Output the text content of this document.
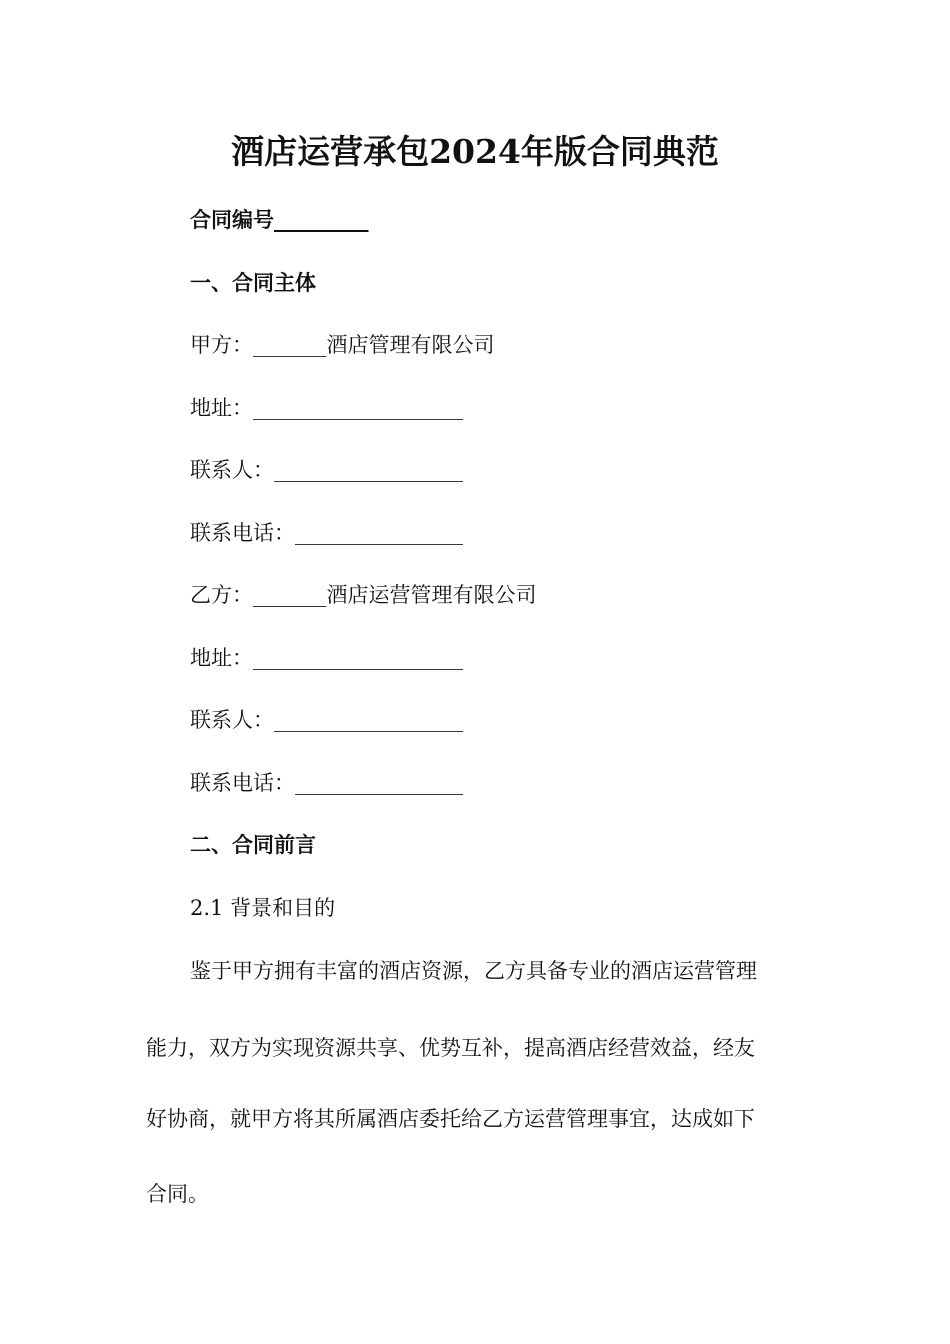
酒店运营承包2024年版合同典范
合同编号_________
一、合同主体
甲方：_______酒店管理有限公司
地址：____________________
联系人：__________________
联系电话：________________
乙方：_______酒店运营管理有限公司
地址：____________________
联系人：__________________
联系电话：________________
二、合同前言
2.1 背景和目的
鉴于甲方拥有丰富的酒店资源，乙方具备专业的酒店运营管理
能力，双方为实现资源共享、优势互补，提高酒店经营效益，经友
好协商，就甲方将其所属酒店委托给乙方运营管理事宜，达成如下
合同。
